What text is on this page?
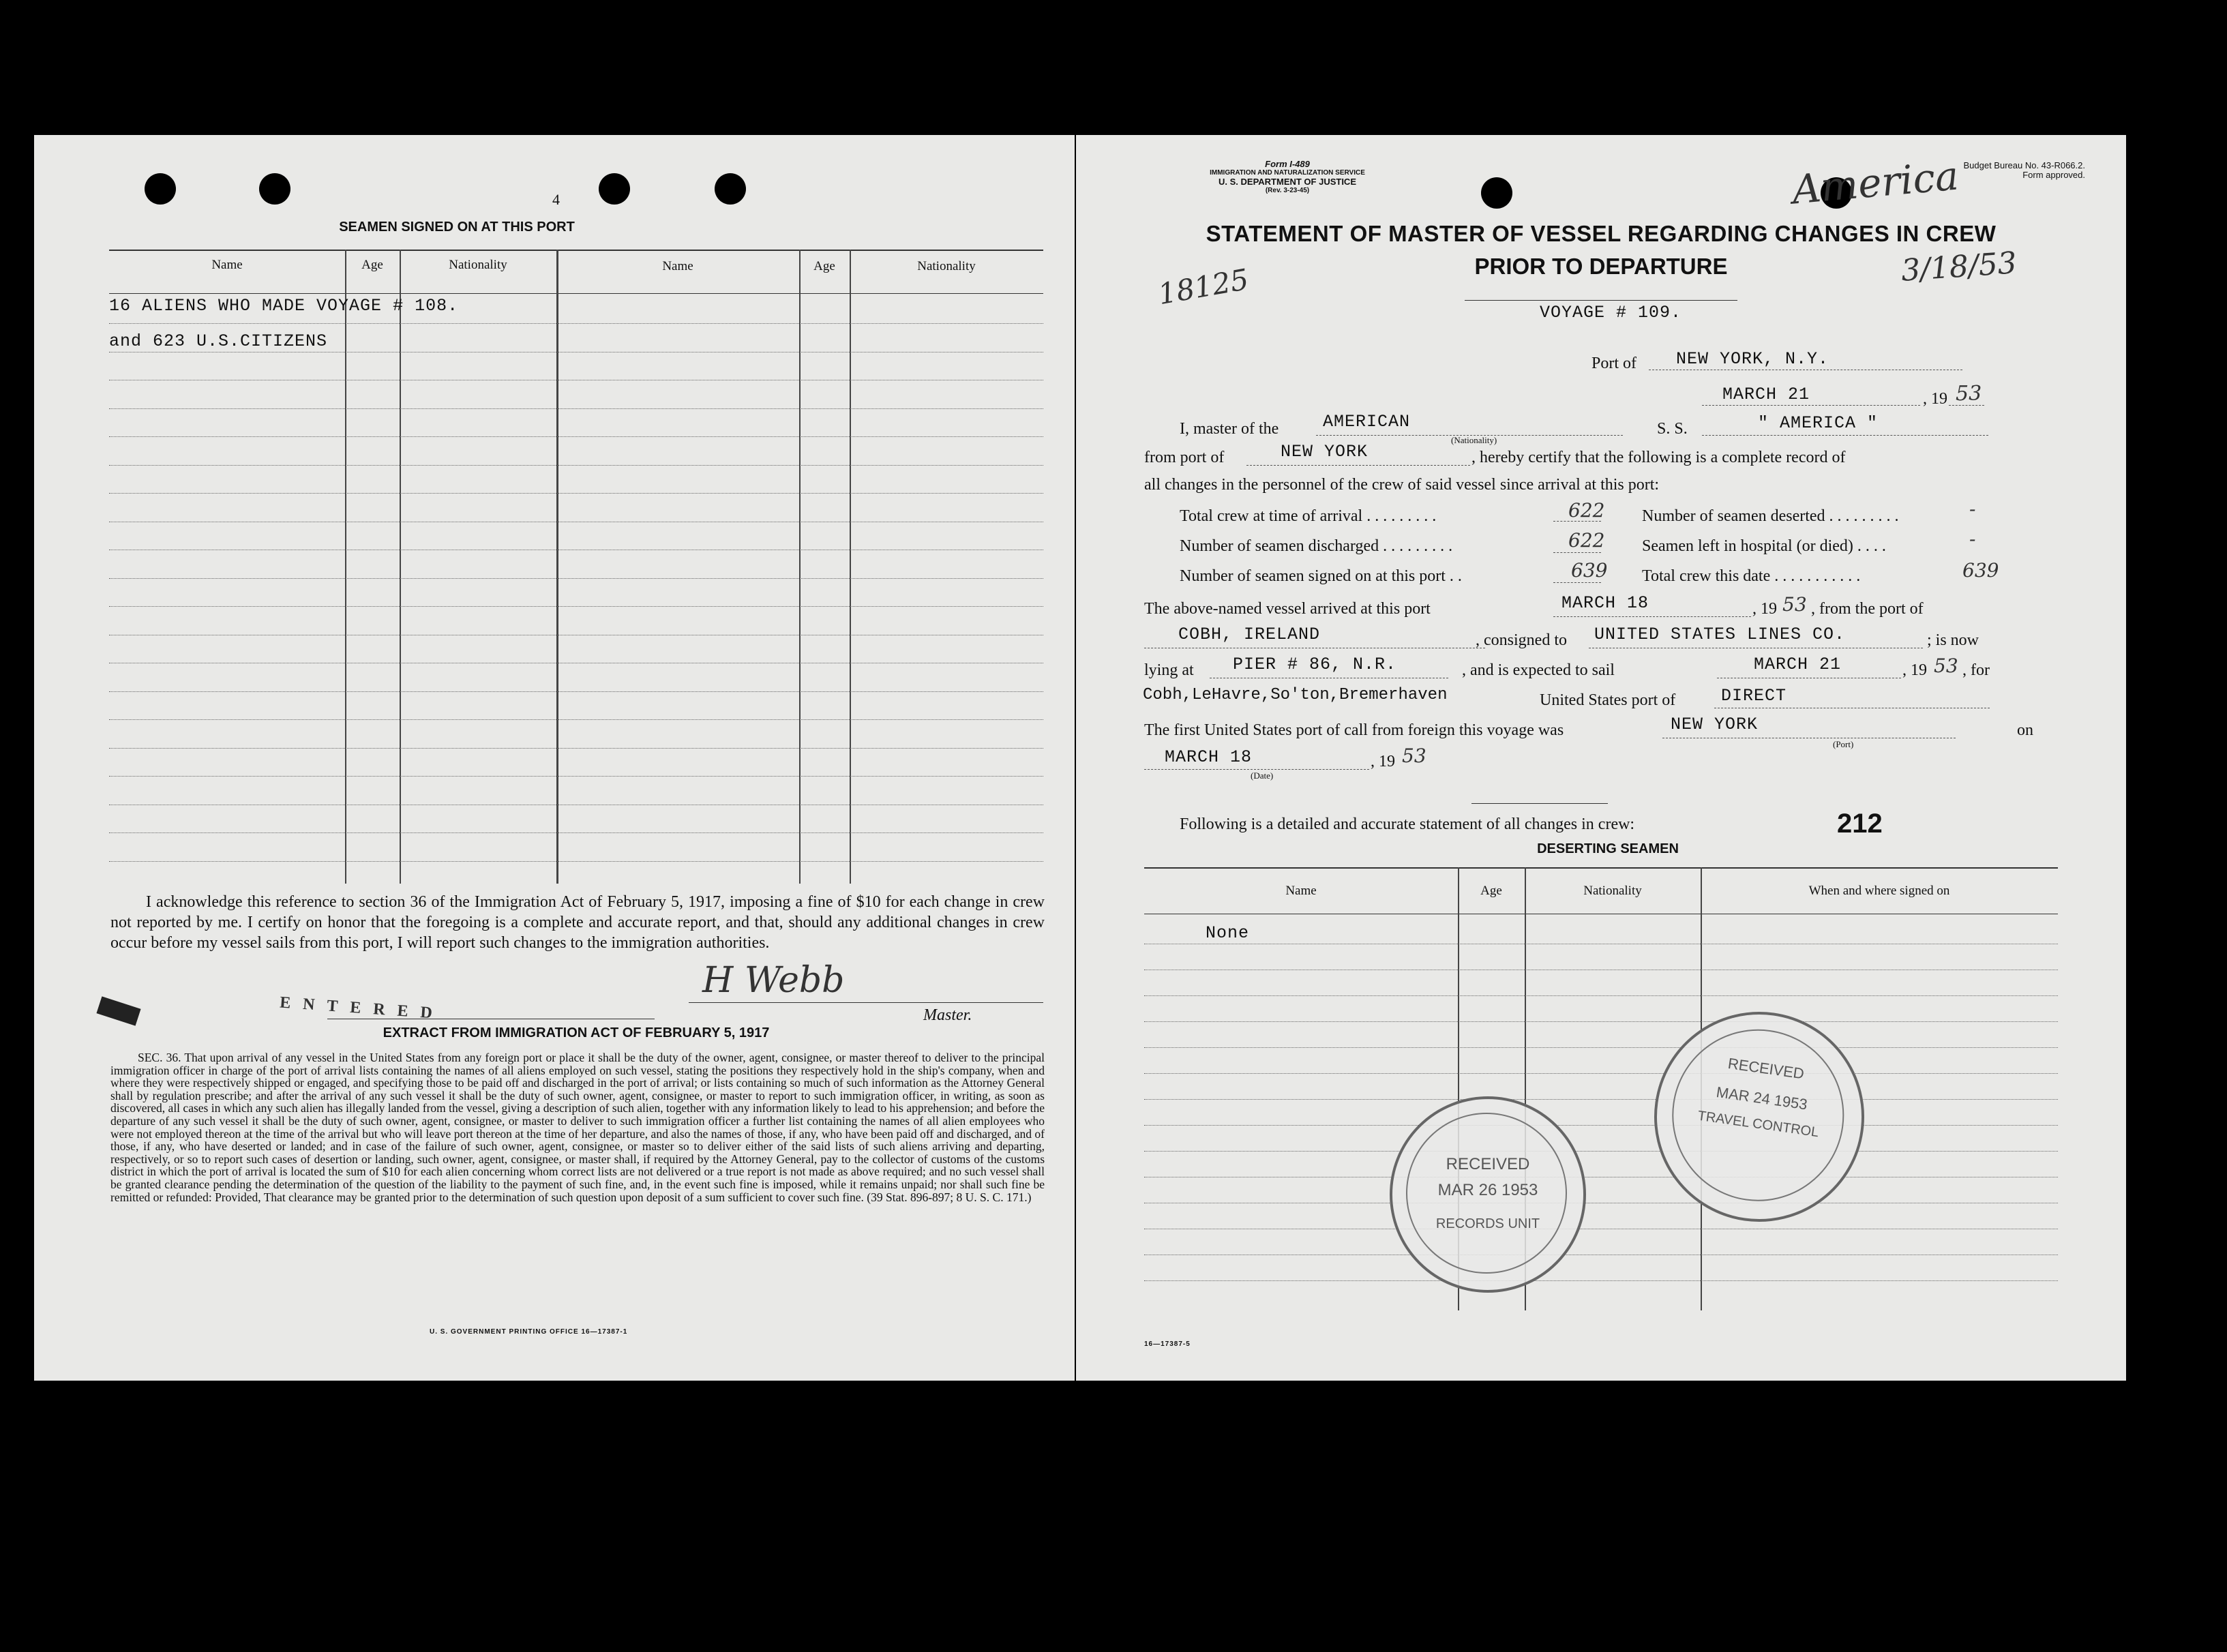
4
SEAMEN SIGNED ON AT THIS PORT
Name	Age	Nationality	Name	Age	Nationality
16 ALIENS WHO MADE VOYAGE # 108.
and 623 U.S.CITIZENS
I acknowledge this reference to section 36 of the Immigration Act of February 5, 1917, imposing a fine of $10 for each change in crew not reported by me. I certify on honor that the foregoing is a complete and accurate report, and that, should any additional changes in crew occur before my vessel sails from this port, I will report such changes to the immigration authorities.
H Webb
Master.
ENTERED
EXTRACT FROM IMMIGRATION ACT OF FEBRUARY 5, 1917
SEC. 36. That upon arrival of any vessel in the United States from any foreign port or place it shall be the duty of the owner, agent, consignee, or master thereof to deliver to the principal immigration officer in charge of the port of arrival lists containing the names of all aliens employed on such vessel, stating the positions they respectively hold in the ship's company, when and where they were respectively shipped or engaged, and specifying those to be paid off and discharged in the port of arrival; or lists containing so much of such information as the Attorney General shall by regulation prescribe; and after the arrival of any such vessel it shall be the duty of such owner, agent, consignee, or master to report to such immigration officer, in writing, as soon as discovered, all cases in which any such alien has illegally landed from the vessel, giving a description of such alien, together with any information likely to lead to his apprehension; and before the departure of any such vessel it shall be the duty of such owner, agent, consignee, or master to deliver to such immigration officer a further list containing the names of all alien employees who were not employed thereon at the time of the arrival but who will leave port thereon at the time of her departure, and also the names of those, if any, who have been paid off and discharged, and of those, if any, who have deserted or landed; and in case of the failure of such owner, agent, consignee, or master so to deliver either of the said lists of such aliens arriving and departing, respectively, or so to report such cases of desertion or landing, such owner, agent, consignee, or master shall, if required by the Attorney General, pay to the collector of customs of the customs district in which the port of arrival is located the sum of $10 for each alien concerning whom correct lists are not delivered or a true report is not made as above required; and no such vessel shall be granted clearance pending the determination of the question of the liability to the payment of such fine, and, in the event such fine is imposed, while it remains unpaid; nor shall such fine be remitted or refunded: Provided, That clearance may be granted prior to the determination of such question upon deposit of a sum sufficient to cover such fine. (39 Stat. 896-897; 8 U. S. C. 171.)
U. S. GOVERNMENT PRINTING OFFICE 16—17387-1
Form I-489
IMMIGRATION AND NATURALIZATION SERVICE
U. S. DEPARTMENT OF JUSTICE
(Rev. 3-23-45)
Budget Bureau No. 43-R066.2.
Form approved.
America
STATEMENT OF MASTER OF VESSEL REGARDING CHANGES IN CREW
PRIOR TO DEPARTURE	3/18/53
18125
VOYAGE # 109.
Port of NEW YORK, N.Y.
MARCH 21	, 19 53
I, master of the	AMERICAN
(Nationality)
S. S.	" AMERICA "
from port of	NEW YORK	, hereby certify that the following is a complete record of
all changes in the personnel of the crew of said vessel since arrival at this port:
Total crew at time of arrival . . . . . . . . .	622 Number of seamen deserted . . . . . . . . .	-
Number of seamen discharged . . . . . . . . .	622 Seamen left in hospital (or died) . . . .	-
Number of seamen signed on at this port . .	639 Total crew this date . . . . . . . . . . .	639
The above-named vessel arrived at this port	MARCH 18	, 19 53 , from the port of
COBH, IRELAND	, consigned to UNITED STATES LINES CO.	; is now
lying at PIER # 86, N.R.	, and is expected to sail	MARCH 21	, 19 53 , for
Cobh,LeHavre,So'ton,Bremerhaven	United States port of	DIRECT
The first United States port of call from foreign this voyage was	NEW YORK
(Port)
on
MARCH 18
(Date)
, 19 53
Following is a detailed and accurate statement of all changes in crew:	212
DESERTING SEAMEN
Name	Age	Nationality	When and where signed on
None
RECEIVED
MAR 26 1953
RECORDS UNIT
RECEIVED
MAR 24 1953
TRAVEL CONTROL
16—17387-5
